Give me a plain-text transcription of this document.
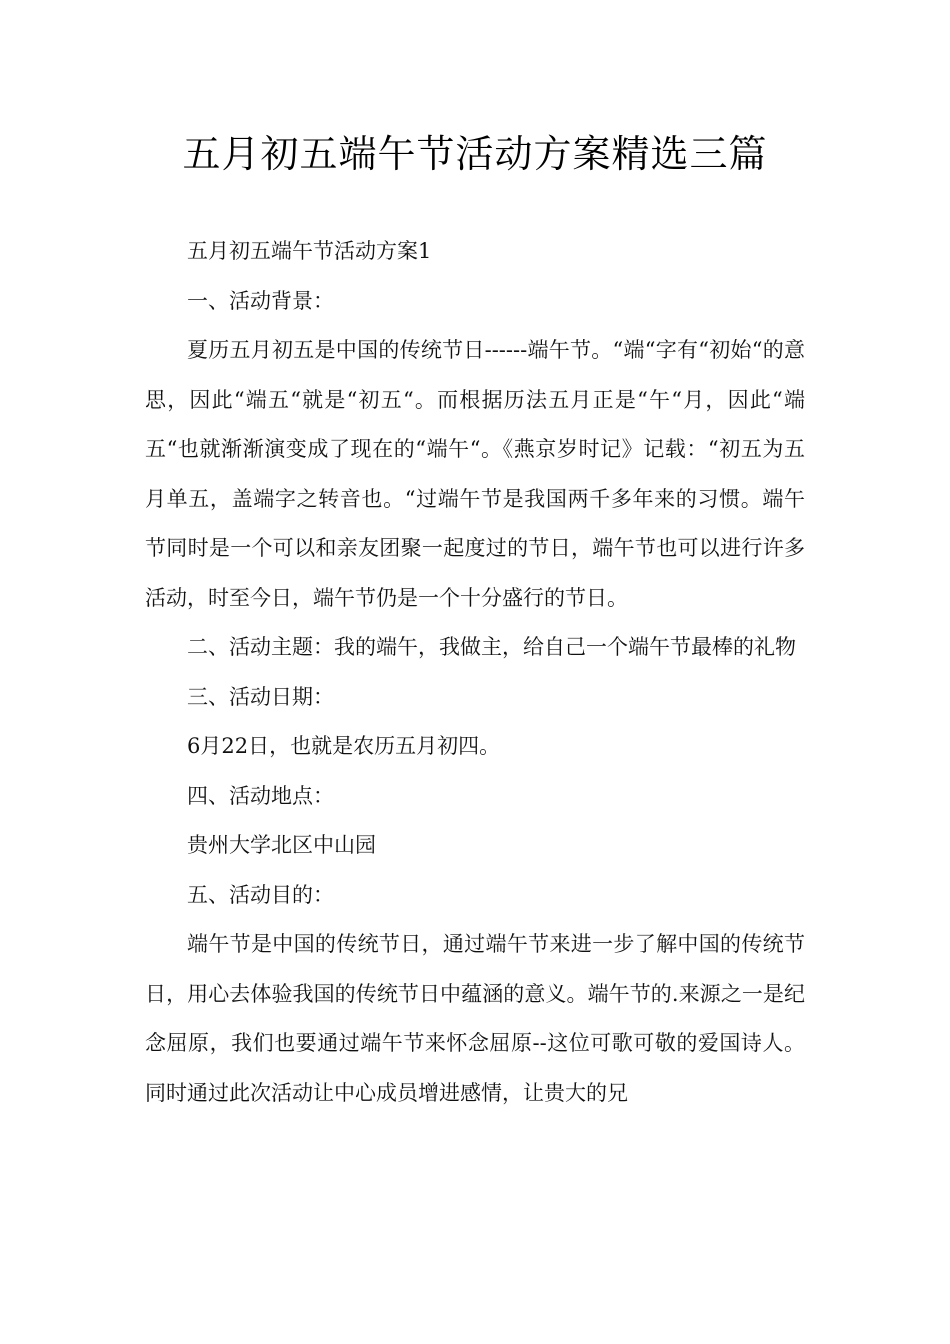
五月初五端午节活动方案精选三篇

五月初五端午节活动方案1

一、活动背景：

夏历五月初五是中国的传统节日------端午节。“端“字有“初始“的意思，因此“端五“就是“初五“。而根据历法五月正是“午“月，因此“端五“也就渐渐演变成了现在的“端午“。《燕京岁时记》记载：“初五为五月单五，盖端字之转音也。“过端午节是我国两千多年来的习惯。端午节同时是一个可以和亲友团聚一起度过的节日，端午节也可以进行许多活动，时至今日，端午节仍是一个十分盛行的节日。

二、活动主题：我的端午，我做主，给自己一个端午节最棒的礼物

三、活动日期：

6月22日，也就是农历五月初四。

四、活动地点：

贵州大学北区中山园

五、活动目的：

端午节是中国的传统节日，通过端午节来进一步了解中国的传统节日，用心去体验我国的传统节日中蕴涵的意义。端午节的.来源之一是纪念屈原，我们也要通过端午节来怀念屈原--这位可歌可敬的爱国诗人。同时通过此次活动让中心成员增进感情，让贵大的兄
